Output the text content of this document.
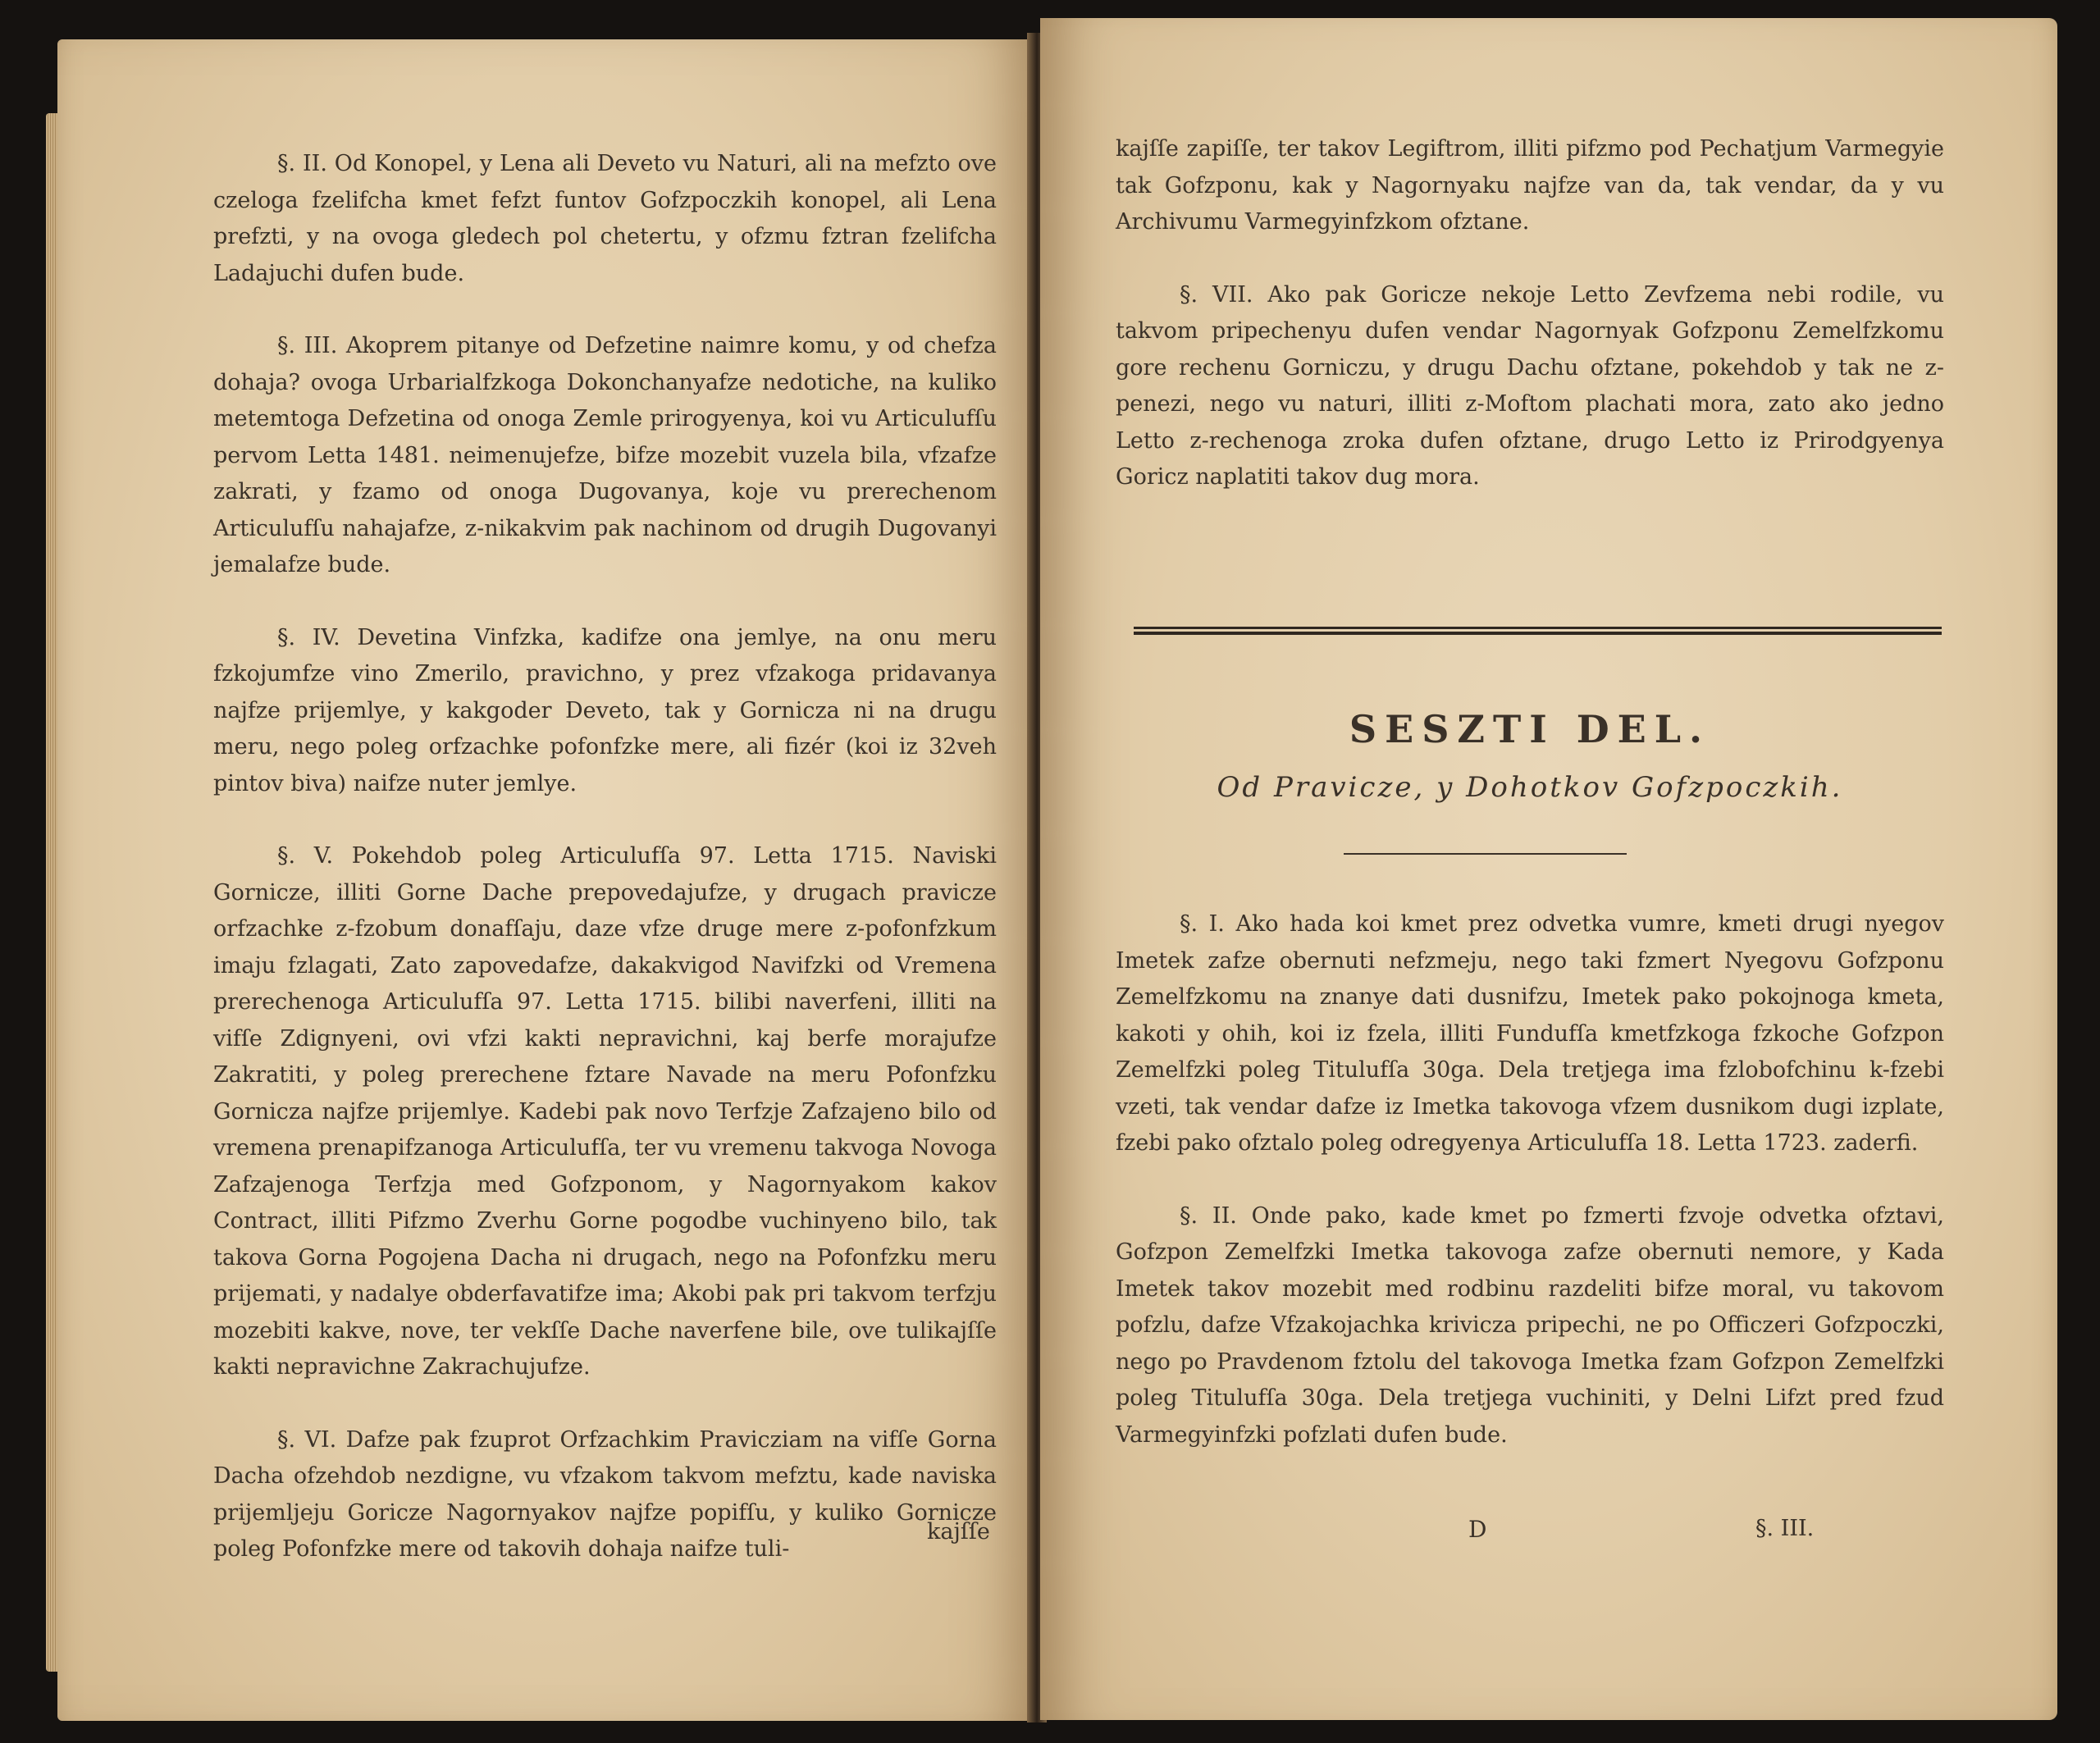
§. II. Od Konopel, y Lena ali Deveto vu Naturi, ali na mefzto ove czeloga fzelifcha kmet fefzt funtov Gofzpoczkih konopel, ali Lena prefzti, y na ovoga gledech pol chetertu, y ofzmu fztran fzelifcha Ladajuchi dufen bude.

§. III. Akoprem pitanye od Defzetine naimre komu, y od chefza dohaja? ovoga Urbarialfzkoga Dokonchanyafze nedotiche, na kuliko metemtoga Defzetina od onoga Zemle prirogyenya, koi vu Articulufſu pervom Letta 1481. neimenujefze, bifze mozebit vuzela bila, vfzafze zakrati, y fzamo od onoga Dugovanya, koje vu prerechenom Articulufſu nahajafze, z-nikakvim pak nachinom od drugih Dugovanyi jemalafze bude.

§. IV. Devetina Vinfzka, kadifze ona jemlye, na onu meru fzkojumfze vino Zmerilo, pravichno, y prez vfzakoga pridavanya najfze prijemlye, y kakgoder Deveto, tak y Gornicza ni na drugu meru, nego poleg orfzachke pofonfzke mere, ali fizér (koi iz 32veh pintov biva) naifze nuter jemlye.

§. V. Pokehdob poleg Articulufſa 97. Letta 1715. Naviski Gornicze, illiti Gorne Dache prepovedajufze, y drugach pravicze orfzachke z-fzobum donafſaju, daze vfze druge mere z-pofonfzkum imaju fzlagati, Zato zapovedafze, dakakvigod Navifzki od Vremena prerechenoga Articulufſa 97. Letta 1715. bilibi naverfeni, illiti na vifſe Zdignyeni, ovi vfzi kakti nepravichni, kaj berfe morajufze Zakratiti, y poleg prerechene fztare Navade na meru Pofonfzku Gornicza najfze prijemlye. Kadebi pak novo Terfzje Zafzajeno bilo od vremena prenapifzanoga Articulufſa, ter vu vremenu takvoga Novoga Zafzajenoga Terfzja med Gofzponom, y Nagornyakom kakov Contract, illiti Pifzmo Zverhu Gorne pogodbe vuchinyeno bilo, tak takova Gorna Pogojena Dacha ni drugach, nego na Pofonfzku meru prijemati, y nadalye obderfavatifze ima; Akobi pak pri takvom terfzju mozebiti kakve, nove, ter vekſſe Dache naverfene bile, ove tulikajſſe kakti nepravichne Zakrachujufze.

§. VI. Dafze pak fzuprot Orfzachkim Pravicziam na vifſe Gorna Dacha ofzehdob nezdigne, vu vfzakom takvom mefztu, kade naviska prijemljeju Goricze Nagornyakov najfze popifſu, y kuliko Gornicze poleg Pofonfzke mere od takovih dohaja naifze tuli-

kajſſe

kajſſe zapiſſe, ter takov Legiftrom, illiti pifzmo pod Pechatjum Varmegyie tak Gofzponu, kak y Nagornyaku najfze van da, tak vendar, da y vu Archivumu Varmegyinfzkom ofztane.

§. VII. Ako pak Goricze nekoje Letto Zevfzema nebi rodile, vu takvom pripechenyu dufen vendar Nagornyak Gofzponu Zemelfzkomu gore rechenu Gorniczu, y drugu Dachu ofztane, pokehdob y tak ne z-penezi, nego vu naturi, illiti z-Moftom plachati mora, zato ako jedno Letto z-rechenoga zroka dufen ofztane, drugo Letto iz Prirodgyenya Goricz naplatiti takov dug mora.

SESZTI DEL.
Od Pravicze, y Dohotkov Gofzpoczkih.

§. I. Ako hada koi kmet prez odvetka vumre, kmeti drugi nyegov Imetek zafze obernuti nefzmeju, nego taki fzmert Nyegovu Gofzponu Zemelfzkomu na znanye dati dusnifzu, Imetek pako pokojnoga kmeta, kakoti y ohih, koi iz fzela, illiti Fundufſa kmetfzkoga fzkoche Gofzpon Zemelfzki poleg Titulufſa 30ga. Dela tretjega ima fzlobofchinu k-fzebi vzeti, tak vendar dafze iz Imetka takovoga vfzem dusnikom dugi izplate, fzebi pako ofztalo poleg odregyenya Articulufſa 18. Letta 1723. zaderfi.

§. II. Onde pako, kade kmet po fzmerti fzvoje odvetka ofztavi, Gofzpon Zemelfzki Imetka takovoga zafze obernuti nemore, y Kada Imetek takov mozebit med rodbinu razdeliti bifze moral, vu takovom pofzlu, dafze Vfzakojachka krivicza pripechi, ne po Officzeri Gofzpoczki, nego po Pravdenom fztolu del takovoga Imetka fzam Gofzpon Zemelfzki poleg Titulufſa 30ga. Dela tretjega vuchiniti, y Delni Lifzt pred fzud Varmegyinfzki pofzlati dufen bude.

D	§. III.
